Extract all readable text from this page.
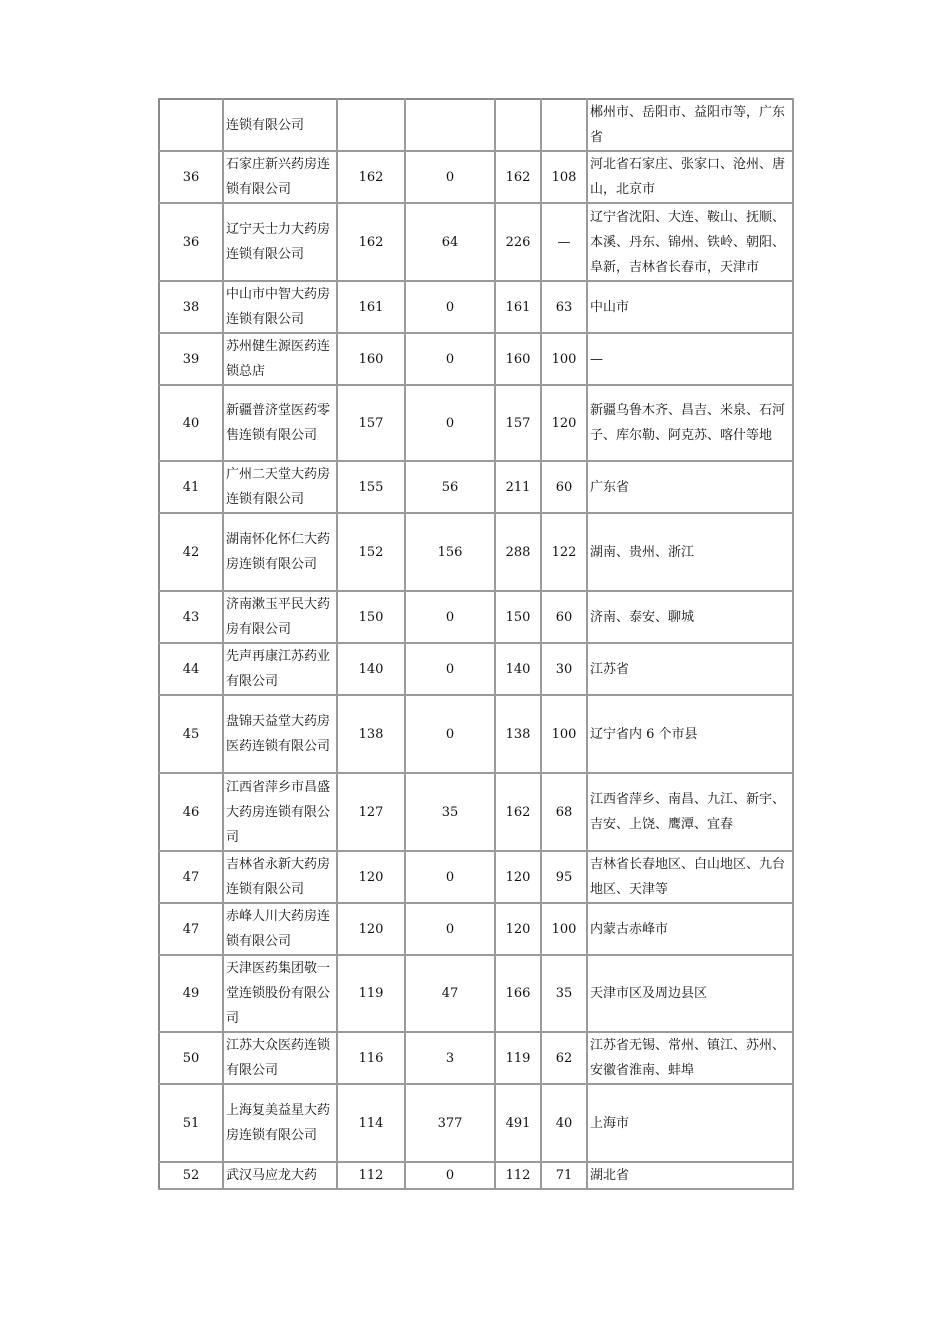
	连锁有限公司					郴州市、岳阳市、益阳市等，广东省
36	石家庄新兴药房连锁有限公司	162	0	162	108	河北省石家庄、张家口、沧州、唐山，北京市
36	辽宁天士力大药房连锁有限公司	162	64	226	—	辽宁省沈阳、大连、鞍山、抚顺、本溪、丹东、锦州、铁岭、朝阳、阜新，吉林省长春市，天津市
38	中山市中智大药房连锁有限公司	161	0	161	63	中山市
39	苏州健生源医药连锁总店	160	0	160	100	—
40	新疆普济堂医药零售连锁有限公司	157	0	157	120	新疆乌鲁木齐、昌吉、米泉、石河子、库尔勒、阿克苏、喀什等地
41	广州二天堂大药房连锁有限公司	155	56	211	60	广东省
42	湖南怀化怀仁大药房连锁有限公司	152	156	288	122	湖南、贵州、浙江
43	济南漱玉平民大药房有限公司	150	0	150	60	济南、泰安、聊城
44	先声再康江苏药业有限公司	140	0	140	30	江苏省
45	盘锦天益堂大药房医药连锁有限公司	138	0	138	100	辽宁省内 6 个市县
46	江西省萍乡市昌盛大药房连锁有限公司	127	35	162	68	江西省萍乡、南昌、九江、新宇、吉安、上饶、鹰潭、宜春
47	吉林省永新大药房连锁有限公司	120	0	120	95	吉林省长春地区、白山地区、九台地区、天津等
47	赤峰人川大药房连锁有限公司	120	0	120	100	内蒙古赤峰市
49	天津医药集团敬一堂连锁股份有限公司	119	47	166	35	天津市区及周边县区
50	江苏大众医药连锁有限公司	116	3	119	62	江苏省无锡、常州、镇江、苏州、安徽省淮南、蚌埠
51	上海复美益星大药房连锁有限公司	114	377	491	40	上海市
52	武汉马应龙大药	112	0	112	71	湖北省
